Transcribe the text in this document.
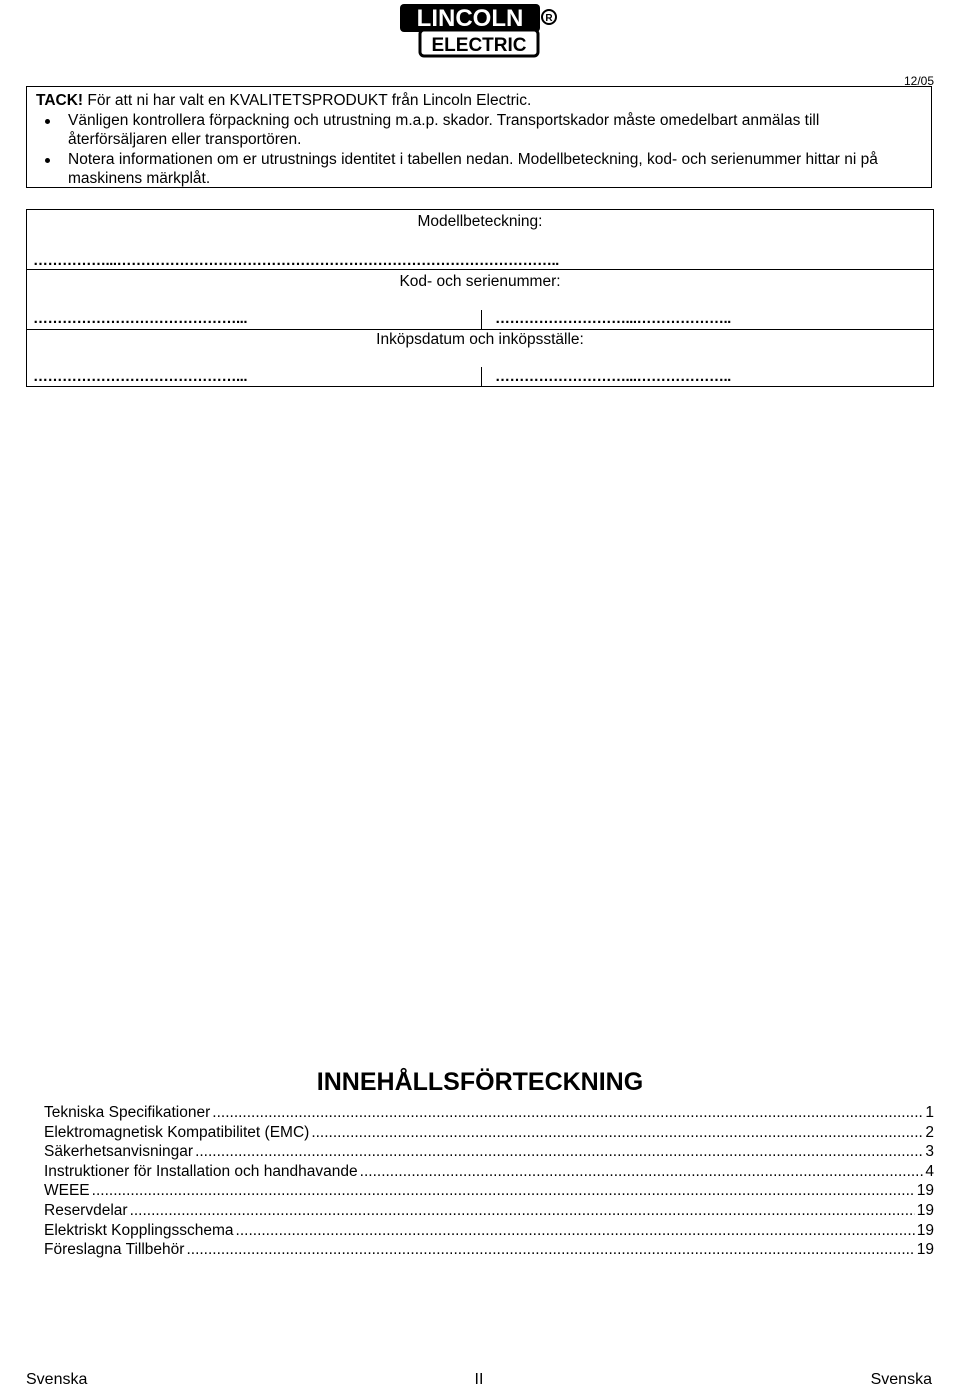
LINCOLN
ELECTRIC
R
12/05
TACK! För att ni har valt en KVALITETSPRODUKT från Lincoln Electric.
Vänligen kontrollera förpackning och utrustning m.a.p. skador. Transportskador måste omedelbart anmälas till återförsäljaren eller transportören.
Notera informationen om er utrustnings identitet i tabellen nedan. Modellbeteckning, kod- och serienummer hittar ni på maskinens märkplåt.
Modellbeteckning:
……………...………………………………………………………………………………..
Kod- och serienummer:
……………………………………...	………………………...………………..
Inköpsdatum och inköpsställe:
……………………………………...	………………………...………………..
INNEHÅLLSFÖRTECKNING
Tekniska Specifikationer .....	1
Elektromagnetisk Kompatibilitet (EMC) .....	2
Säkerhetsanvisningar .....	3
Instruktioner för Installation och handhavande .....	4
WEEE .....	19
Reservdelar .....	19
Elektriskt Kopplingsschema .....	19
Föreslagna Tillbehör .....	19
Svenska	II	Svenska
